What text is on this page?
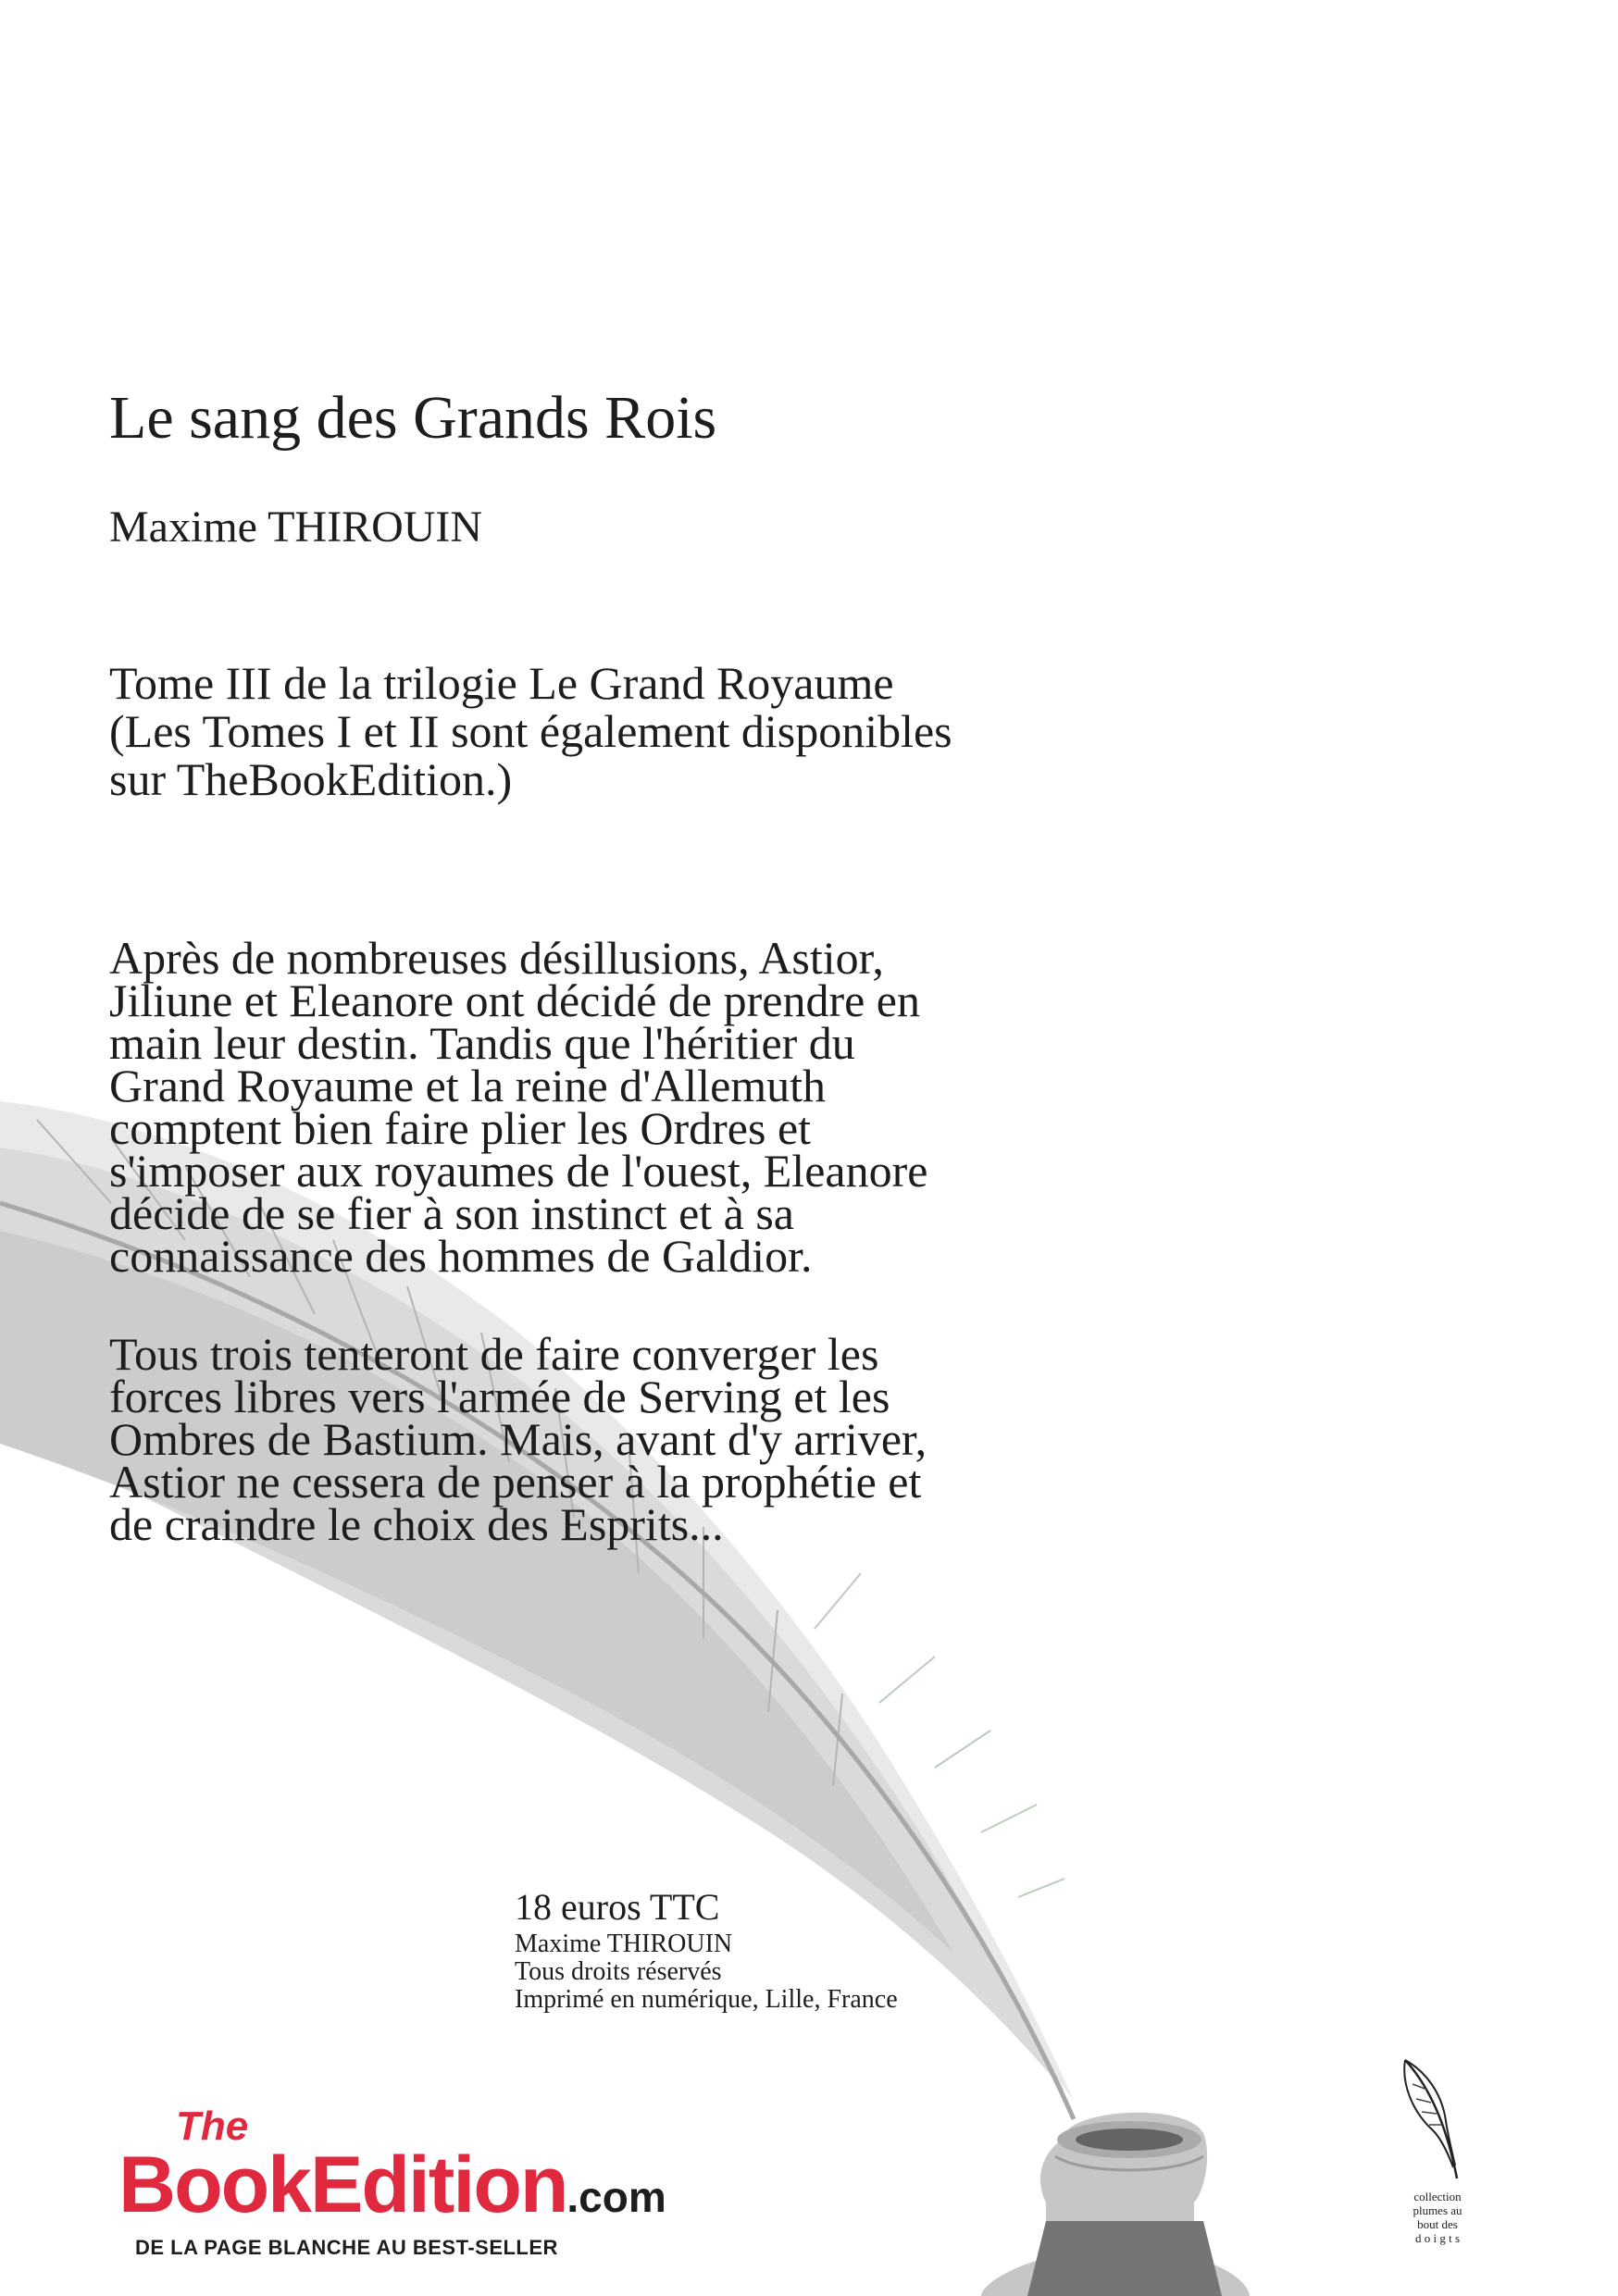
Le sang des Grands Rois
Maxime THIROUIN
Tome III de la trilogie Le Grand Royaume
(Les Tomes I et II sont également disponibles
sur TheBookEdition.)
Après de nombreuses désillusions, Astior,
Jiliune et Eleanore ont décidé de prendre en
main leur destin. Tandis que l'héritier du
Grand Royaume et la reine d'Allemuth
comptent bien faire plier les Ordres et
s'imposer aux royaumes de l'ouest, Eleanore
décide de se fier à son instinct et à sa
connaissance des hommes de Galdior.
Tous trois tenteront de faire converger les
forces libres vers l'armée de Serving et les
Ombres de Bastium. Mais, avant d'y arriver,
Astior ne cessera de penser à la prophétie et
de craindre le choix des Esprits...
18 euros TTC
Maxime THIROUIN
Tous droits réservés
Imprimé en numérique, Lille, France
The
BookEdition.com
DE LA PAGE BLANCHE AU BEST-SELLER
collection
plumes au
bout des
d o i g t s
